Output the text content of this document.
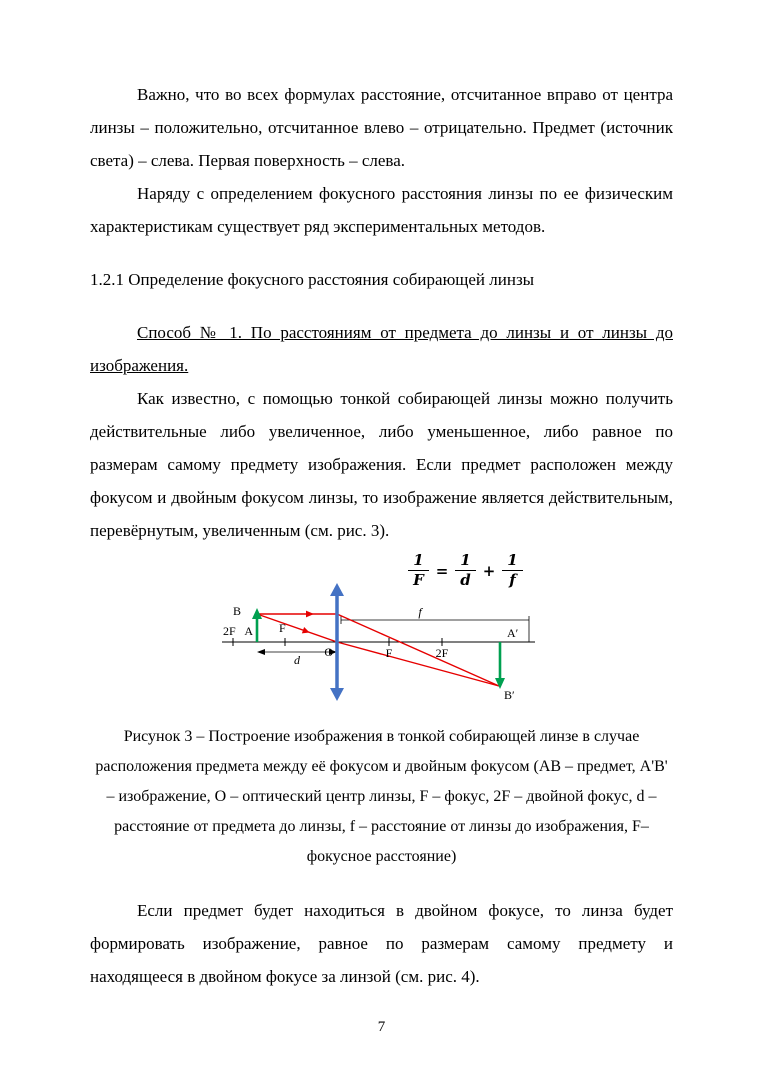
Важно, что во всех формулах расстояние, отсчитанное вправо от центра линзы – положительно, отсчитанное влево – отрицательно. Предмет (источник света) – слева. Первая поверхность – слева.

Наряду с определением фокусного расстояния линзы по ее физическим характеристикам существует ряд экспериментальных методов.

1.2.1 Определение фокусного расстояния собирающей линзы

Способ № 1. По расстояниям от предмета до линзы и от линзы до изображения.

Как известно, с помощью тонкой собирающей линзы можно получить действительные либо увеличенное, либо уменьшенное, либо равное по размерам самому предмету изображения. Если предмет расположен между фокусом и двойным фокусом линзы, то изображение является действительным, перевёрнутым, увеличенным (см. рис. 3).

$\frac{1}{F} = \frac{1}{d} + \frac{1}{f}$
B
2F A F
d
O	F	2F
f
A′
B′
Рисунок 3 – Построение изображения в тонкой собирающей линзе в случае расположения предмета между её фокусом и двойным фокусом (AB – предмет, A'B' – изображение, O – оптический центр линзы, F – фокус, 2F – двойной фокус, d – расстояние от предмета до линзы, f – расстояние от линзы до изображения, F–фокусное расстояние)

Если предмет будет находиться в двойном фокусе, то линза будет формировать изображение, равное по размерам самому предмету и находящееся в двойном фокусе за линзой (см. рис. 4).

7
